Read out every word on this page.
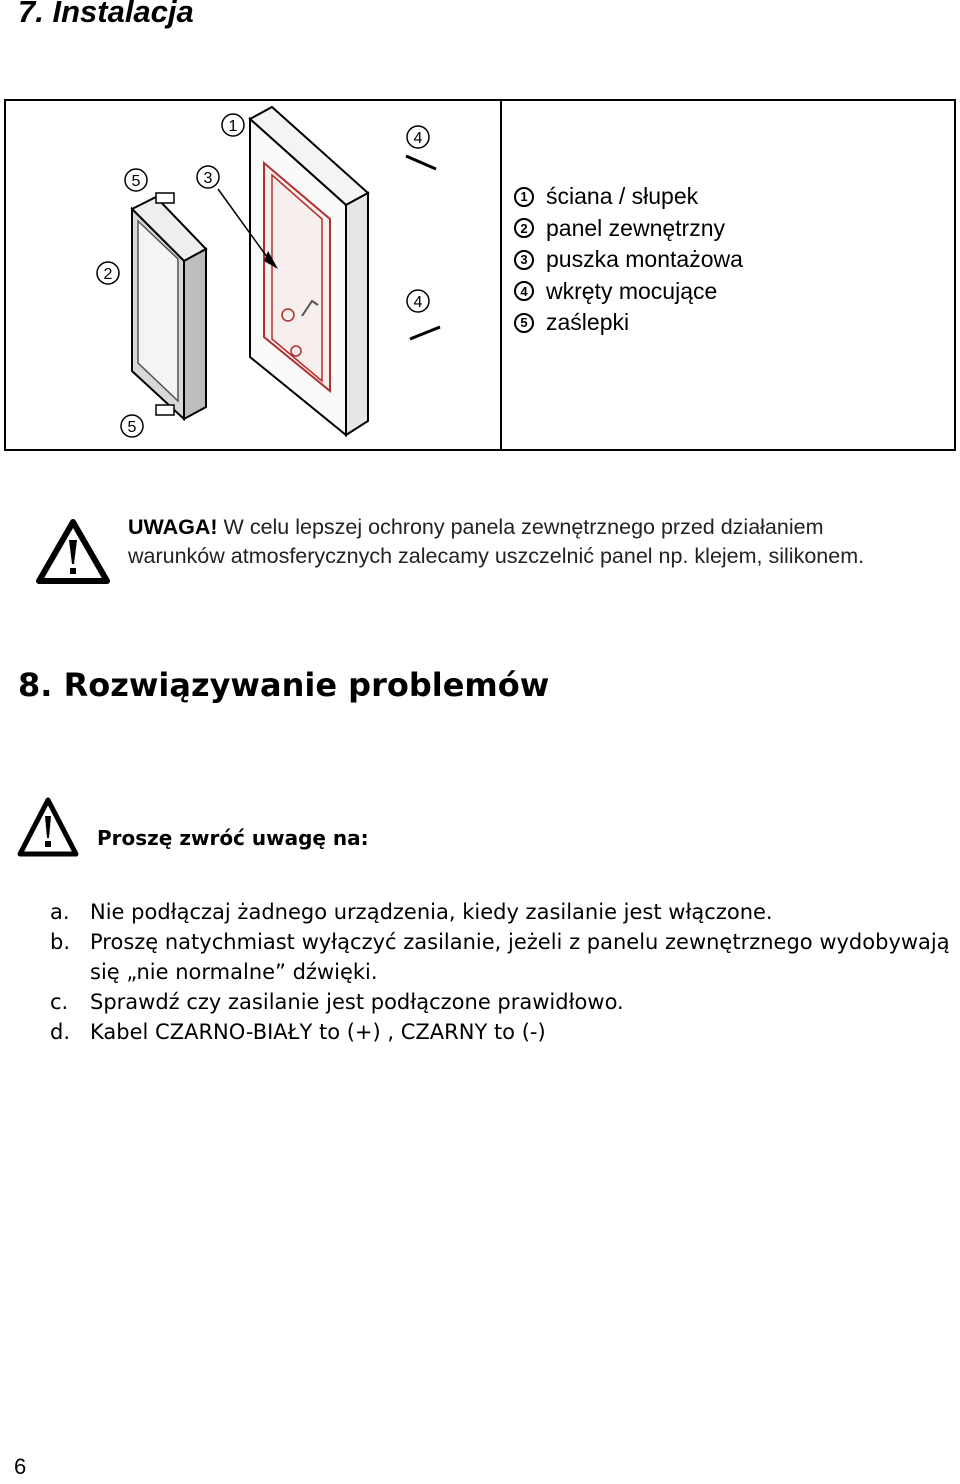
7. Instalacja
1
2
3
4
4
5
5
1 ściana / słupek
2 panel zewnętrzny
3 puszka montażowa
4 wkręty mocujące
5 zaślepki

UWAGA! W celu lepszej ochrony panela zewnętrznego przed działaniem warunków atmosferycznych zalecamy uszczelnić panel np. klejem, silikonem.

8. Rozwiązywanie problemów

Proszę zwróć uwagę na:

a. Nie podłączaj żadnego urządzenia, kiedy zasilanie jest włączone.
b. Proszę natychmiast wyłączyć zasilanie, jeżeli z panelu zewnętrznego wydobywają się „nie normalne” dźwięki.
c.	Sprawdź czy zasilanie jest podłączone prawidłowo.
d. Kabel CZARNO-BIAŁY to (+) , CZARNY to (-)
6
